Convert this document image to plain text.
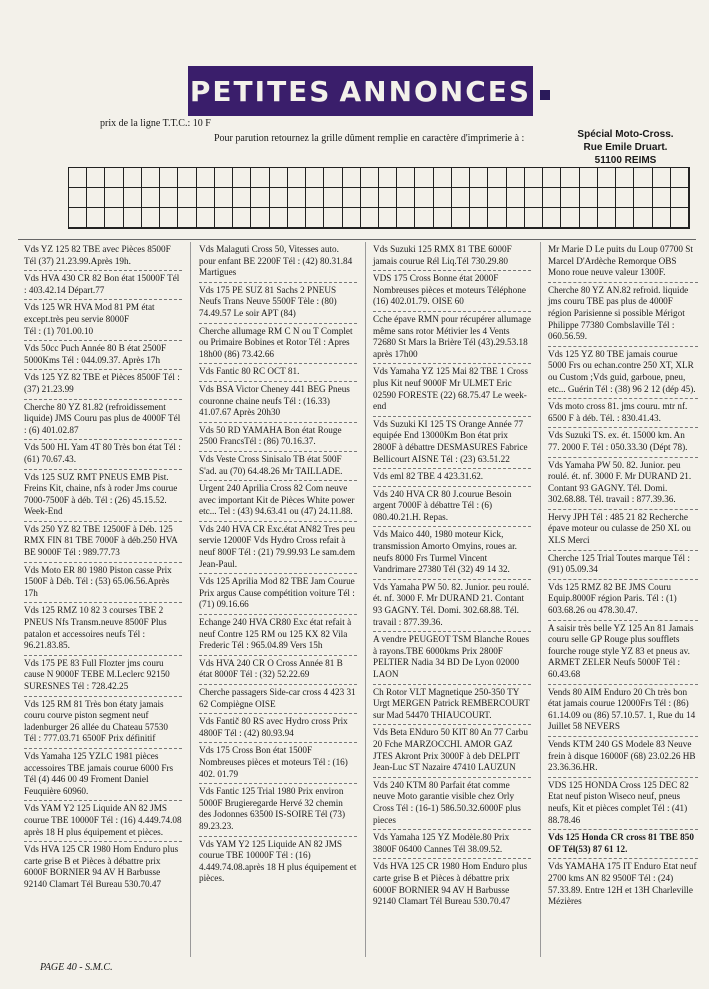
PETITES ANNONCES
prix de la ligne T.T.C.: 10 F
Pour parution retournez la grille dûment remplie en caractère d'imprimerie à :	Spécial Moto-Cross.
Rue Emile Druart.
51100 REIMS
Vds YZ 125 82 TBE avec Pièces 8500F Tél (37) 21.23.99.Après 19h.
Vds HVA 430 CR 82 Bon état 15000F Tél : 403.42.14 Départ.77
Vds 125 WR HVA Mod 81 PM état except.très peu servie 8000F
Tél : (1) 701.00.10
Vds 50cc Puch Année 80 B état 2500F 5000Kms Tél : 044.09.37. Après 17h
Vds 125 YZ 82 TBE et Pièces 8500F Tél : (37) 21.23.99
Cherche 80 YZ 81.82 (refroidissement liquide) JMS Couru pas plus de 4000F Tél : (6) 401.02.87
Vds 500 HL Yam 4T 80 Très bon état Tél : (61) 70.67.43.
Vds 125 SUZ RMT PNEUS EMB Pist. Freins Kit, chaine, nfs à roder Jms courue 7000-7500F à déb. Tél : (26) 45.15.52. Week-End
Vds 250 YZ 82 TBE 12500F à Déb. 125 RMX FIN 81 TBE 7000F à déb.250 HVA BE 9000F Tél : 989.77.73
Vds Moto ER 80 1980 Piston casse Prix 1500F à Déb. Tél : (53) 65.06.56.Après 17h
Vds 125 RMZ 10 82 3 courses TBE 2 PNEUS Nfs Transm.neuve 8500F Plus patalon et accessoires neufs Tél : 96.21.83.85.
Vds 175 PE 83 Full Flozter jms couru cause N 9000F TEBE M.Leclerc 92150 SURESNES Tél : 728.42.25
Vds 125 RM 81 Très bon étaty jamais couru courve piston segment neuf ladenburger 26 allée du Chateau 57530 Tél : 777.03.71 6500F Prix définitif
Vds Yamaha 125 YZLC 1981 pièces accessoires TBE jamais courue 6000 Frs Tél (4) 446 00 49 Froment Daniel Feuquière 60960.
Vds YAM Y2 125 Liquide AN 82 JMS courue TBE 10000F Tél : (16) 4.449.74.08 après 18 H plus équipement et pièces.
Vds HVA 125 CR 1980 Hom Enduro plus carte grise B et Pièces à débattre prix 6000F BORNIER 94 AV H Barbusse 92140 Clamart Tél Bureau 530.70.47
Vds Malaguti Cross 50, Vitesses auto. pour enfant BE 2200F Tél : (42) 80.31.84 Martigues
Vds 175 PE SUZ 81 Sachs 2 PNEUS Neufs Trans Neuve 5500F Tèle : (80) 74.49.57 Le soir APT (84)
Cherche allumage RM C N ou T Complet ou Primaire Bobines et Rotor Tél : Apres 18h00 (86) 73.42.66
Vds Fantic 80 RC OCT 81.
Vds BSA Victor Cheney 441 BEG Pneus couronne chaine neufs Tél : (16.33) 41.07.67 Après 20h30
Vds 50 RD YAMAHA Bon état Rouge 2500 FrancsTél : (86) 70.16.37.
Vds Veste Cross Sinisalo TB état 500F S'ad. au (70) 64.48.26 Mr TAILLADE.
Urgent 240 Aprilia Cross 82 Com neuve avec important Kit de Pièces White power etc... Tel : (43) 94.63.41 ou (47) 24.11.88.
Vds 240 HVA CR Exc.état AN82 Tres peu servie 12000F Vds Hydro Cross refait à neuf 800F Tél : (21) 79.99.93 Le sam.dem Jean-Paul.
Vds 125 Aprilia Mod 82 TBE Jam Courue Prix argus Cause compétition voiture Tél : (71) 09.16.66
Echange 240 HVA CR80 Exc état refait à neuf Contre 125 RM ou 125 KX 82 Vila Frederic Tél : 965.04.89 Vers 15h
Vds HVA 240 CR O Cross Année 81 B état 8000F Tél : (32) 52.22.69
Cherche passagers Side-car cross 4 423 31 62 Compiègne OISE
Vds Fantič 80 RS avec Hydro cross Prix 4800F Tél : (42) 80.93.94
Vds 175 Cross Bon état 1500F Nombreuses pièces et moteurs Tél : (16) 402. 01.79
Vds Fantic 125 Trial 1980 Prix environ 5000F Brugieregarde Hervé 32 chemin des Jodonnes 63500 IS-SOIRE Tél (73) 89.23.23.
Vds YAM Y2 125 Liquide AN 82 JMS courue TBE 10000F Tél : (16) 4.449.74.08.après 18 H plus équipement et pièces.
Vds Suzuki 125 RMX 81 TBE 6000F jamais courue Rél Liq.Tél 730.29.80
VDS 175 Cross Bonne état 2000F Nombreuses pièces et moteurs Téléphone (16) 402.01.79. OISE 60
Cche épave RMN pour récupérer allumage même sans rotor Métivier les 4 Vents 72680 St Mars la Brière Tél (43).29.53.18 après 17h00
Vds Yamaha YZ 125 Mai 82 TBE 1 Cross plus Kit neuf 9000F Mr ULMET Eric 02590 FORESTE (22) 68.75.47 Le week-end
Vds Suzuki KI 125 TS Orange Année 77 equipée End 13000Km Bon état prix 2800F à débattre DESMASURES Fabrice Bellicourt AISNE Tél : (23) 63.51.22
Vds eml 82 TBE 4 423.31.62.
Vds 240 HVA CR 80 J.courue Besoin argent 7000F à débattre Tél : (6) 080.40.21.H. Repas.
Vds Maico 440, 1980 moteur Kick, transmission Amorto Omyins, roues ar. neufs 8000 Frs Turmel Vincent Vandrimare 27380 Tél (32) 49 14 32.
Vds Yamaha PW 50. 82. Junior. peu roulé. ét. nf. 3000 F. Mr DURAND 21. Contant 93 GAGNY. Tél. Domi. 302.68.88. Tél. travail : 877.39.36.
A vendre PEUGEOT TSM Blanche Roues à rayons.TBE 6000kms Prix 2800F PELTIER Nadia 34 BD De Lyon 02000 LAON
Ch Rotor VLT Magnetique 250-350 TY Urgt MERGEN Patrick REMBERCOURT sur Mad 54470 THIAUCOURT.
Vds Beta ENduro 50 KIT 80 An 77 Carbu 20 Fche MARZOCCHI. AMOR GAZ JTES Akront Prix 3000F à deb DELPIT Jean-Luc ST Nazaire 47410 LAUZUN
Vds 240 KTM 80 Parfait état comme neuve Moto garantie visible chez Orly Cross Tél : (16-1) 586.50.32.6000F plus pieces
Vds Yamaha 125 YZ Modèle.80 Prix 3800F 06400 Cannes Tél 38.09.52.
Vds HVA 125 CR 1980 Hom Enduro plus carte grise B et Pièces à débattre prix 6000F BORNIER 94 AV H Barbusse 92140 Clamart Tél Bureau 530.70.47
Mr Marie D Le puits du Loup 07700 St Marcel D'Ardèche Remorque OBS Mono roue neuve valeur 1300F.
Cherche 80 YZ AN.82 refroid. liquide jms couru TBE pas plus de 4000F région Parisienne si possible Mérigot Philippe 77380 Combslaville Tél : 060.56.59.
Vds 125 YZ 80 TBE jamais courue 5000 Frs ou echan.contre 250 XT, XLR ou Custom ;Vds guid, garboue, pneu, etc... Guérin Tél : (38) 96 2 12 (dép 45).
Vds moto cross 81. jms couru. mtr nf. 6500 F à déb. Tél. : 830.41.43.
Vds Suzuki TS. ex. ét. 15000 km. An 77. 2000 F. Tél : 050.33.30 (Dépt 78).
Vds Yamaha PW 50. 82. Junior. peu roulé. ét. nf. 3000 F. Mr DURAND 21. Contant 93 GAGNY. Tél. Domi. 302.68.88. Tél. travail : 877.39.36.
Hervy JPH Tél : 485 21 82 Recherche épave moteur ou culasse de 250 XL ou XLS Merci
Cherche 125 Trial Toutes marque Tél : (91) 05.09.34
Vds 125 RMZ 82 BE JMS Couru Equip.8000F région Paris. Tél : (1) 603.68.26 ou 478.30.47.
A saisir très belle YZ 125 An 81 Jamais couru selle GP Rouge plus soufflets fourche rouge style YZ 83 et pneus av. ARMET ZELER Neufs 5000F Tél : 60.43.68
Vends 80 AIM Enduro 20 Ch très bon état jamais courue 12000Frs Tél : (86) 61.14.09 ou (86) 57.10.57. 1, Rue du 14 Juillet 58 NEVERS
Vends KTM 240 GS Modele 83 Neuve frein à disque 16000F (68) 23.02.26 HB 23.36.36.HR.
VDS 125 HONDA Cross 125 DEC 82 Etat neuf piston Wiseco neuf, pneus neufs, Kit et pièces complet Tél : (41) 88.78.46
Vds 125 Honda CR cross 81 TBE 850 OF Tél(53) 87 61 12.
Vds YAMAHA 175 IT Enduro Etat neuf 2700 kms AN 82 9500F Tél : (24) 57.33.89. Entre 12H et 13H Charleville Mézières
PAGE 40 - S.M.C.
